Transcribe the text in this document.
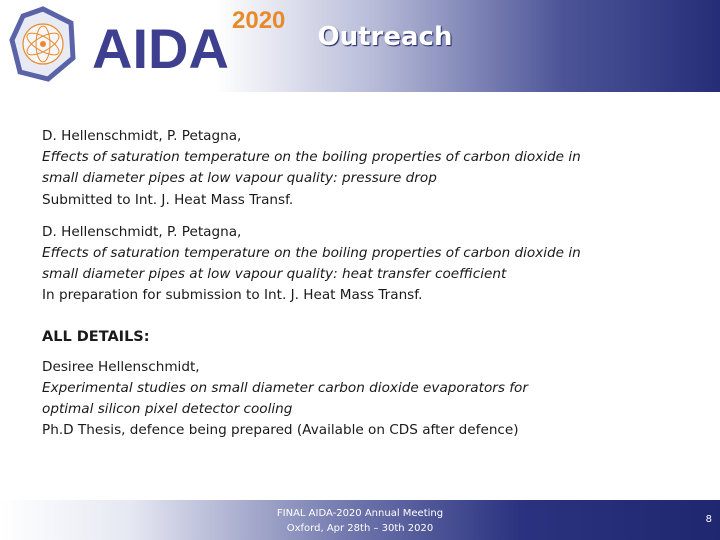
AIDA 2020
Outreach

D. Hellenschmidt, P. Petagna,
Effects of saturation temperature on the boiling properties of carbon dioxide in
small diameter pipes at low vapour quality: pressure drop
Submitted to Int. J. Heat Mass Transf.

D. Hellenschmidt, P. Petagna,
Effects of saturation temperature on the boiling properties of carbon dioxide in
small diameter pipes at low vapour quality: heat transfer coefficient
In preparation for submission to Int. J. Heat Mass Transf.

ALL DETAILS:

Desiree Hellenschmidt,
Experimental studies on small diameter carbon dioxide evaporators for
optimal silicon pixel detector cooling
Ph.D Thesis, defence being prepared (Available on CDS after defence)

FINAL AIDA-2020 Annual Meeting
Oxford, Apr 28th – 30th 2020
8
